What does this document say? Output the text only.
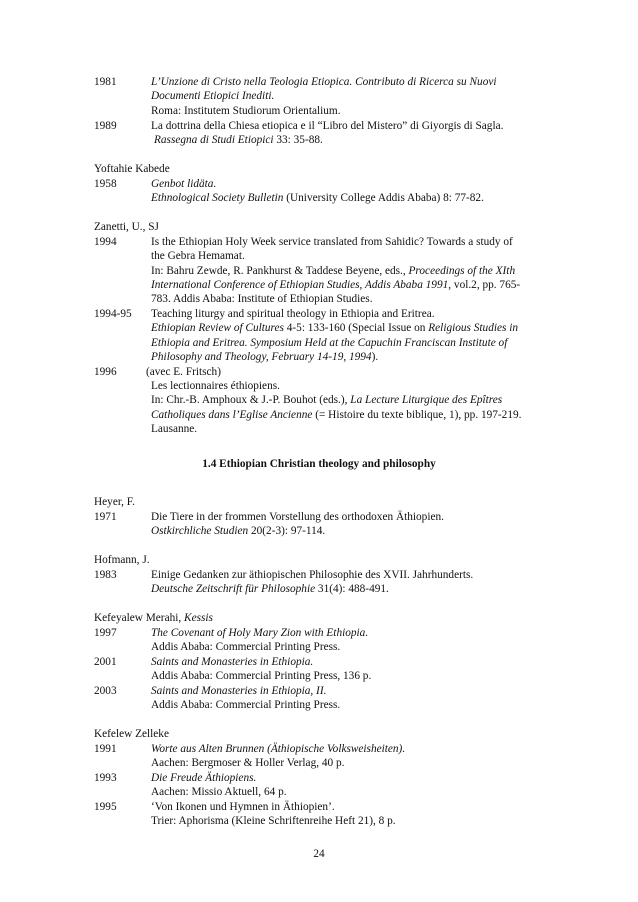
1981	L’Unzione di Cristo nella Teologia Etiopica. Contributo di Ricerca su Nuovi
Documenti Etiopici Inediti.
Roma: Institutem Studiorum Orientalium.
1989	La dottrina della Chiesa etiopica e il “Libro del Mistero” di Giyorgis di Sagla.
Rassegna di Studi Etiopici 33: 35-88.
Yoftahie Kabede
1958	Genbot lidäta.
Ethnological Society Bulletin (University College Addis Ababa) 8: 77-82.
Zanetti, U., SJ
1994	Is the Ethiopian Holy Week service translated from Sahidic? Towards a study of
the Gebra Hemamat.
In: Bahru Zewde, R. Pankhurst & Taddese Beyene, eds., Proceedings of the XIth
International Conference of Ethiopian Studies, Addis Ababa 1991, vol.2, pp. 765-
783. Addis Ababa: Institute of Ethiopian Studies.
1994-95 Teaching liturgy and spiritual theology in Ethiopia and Eritrea.
Ethiopian Review of Cultures 4-5: 133-160 (Special Issue on Religious Studies in
Ethiopia and Eritrea. Symposium Held at the Capuchin Franciscan Institute of
Philosophy and Theology, February 14-19, 1994).
1996	(avec E. Fritsch)
Les lectionnaires éthiopiens.
In: Chr.-B. Amphoux & J.-P. Bouhot (eds.), La Lecture Liturgique des Epîtres
Catholiques dans l’Eglise Ancienne (= Histoire du texte biblique, 1), pp. 197-219.
Lausanne.
1.4 Ethiopian Christian theology and philosophy
Heyer, F.
1971	Die Tiere in der frommen Vorstellung des orthodoxen Äthiopien.
Ostkirchliche Studien 20(2-3): 97-114.
Hofmann, J.
1983	Einige Gedanken zur äthiopischen Philosophie des XVII. Jahrhunderts.
Deutsche Zeitschrift für Philosophie 31(4): 488-491.
Kefeyalew Merahi, Kessis
1997	The Covenant of Holy Mary Zion with Ethiopia.
Addis Ababa: Commercial Printing Press.
2001	Saints and Monasteries in Ethiopia.
Addis Ababa: Commercial Printing Press, 136 p.
2003	Saints and Monasteries in Ethiopia, II.
Addis Ababa: Commercial Printing Press.
Kefelew Zelleke
1991	Worte aus Alten Brunnen (Äthiopische Volksweisheiten).
Aachen: Bergmoser & Holler Verlag, 40 p.
1993	Die Freude Äthiopiens.
Aachen: Missio Aktuell, 64 p.
1995	‘Von Ikonen und Hymnen in Äthiopien’.
Trier: Aphorisma (Kleine Schriftenreihe Heft 21), 8 p.
24
